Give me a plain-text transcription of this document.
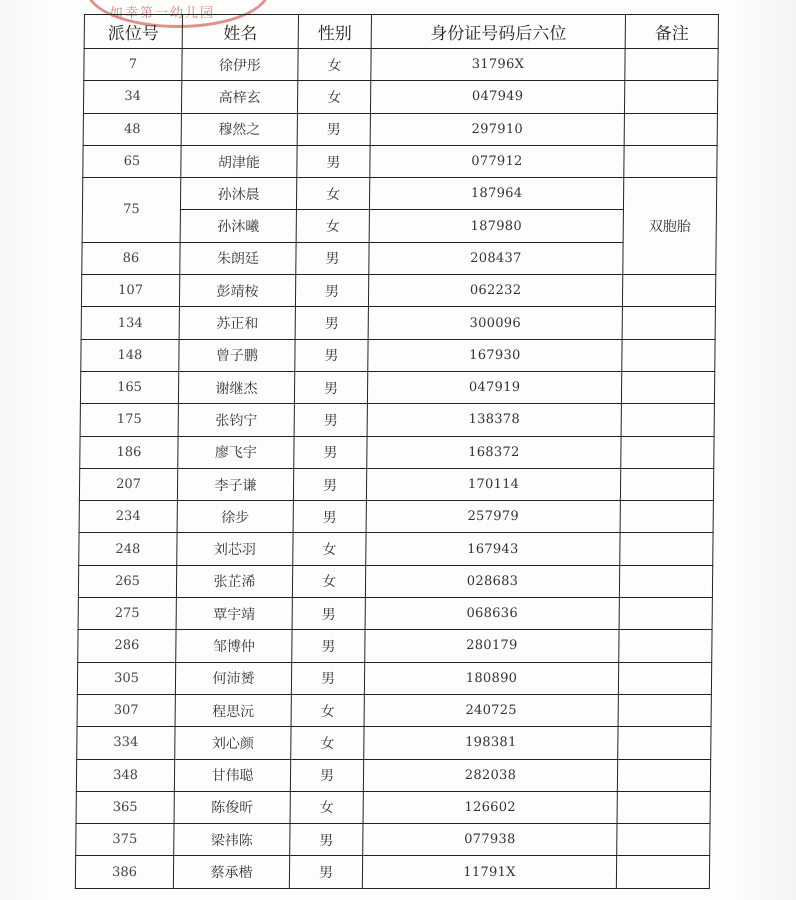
如幸第一幼儿园
派位号	姓名	性别	身份证号码后六位	备注
7	徐伊彤	女	31796X	
34	高梓玄	女	047949	
48	穆然之	男	297910	
65	胡津能	男	077912	
75	孙沐晨	女	187964	双胞胎
	孙沐曦	女	187980	
86	朱朗廷	男	208437	
107	彭靖桉	男	062232	
134	苏正和	男	300096	
148	曾子鹏	男	167930	
165	谢继杰	男	047919	
175	张钧宁	男	138378	
186	廖飞宇	男	168372	
207	李子谦	男	170114	
234	徐步	男	257979	
248	刘芯羽	女	167943	
265	张芷浠	女	028683	
275	覃宇靖	男	068636	
286	邹博仲	男	280179	
305	何沛赟	男	180890	
307	程思沅	女	240725	
334	刘心颜	女	198381	
348	甘伟聪	男	282038	
365	陈俊昕	女	126602	
375	梁祎陈	男	077938	
386	蔡承楷	男	11791X	
